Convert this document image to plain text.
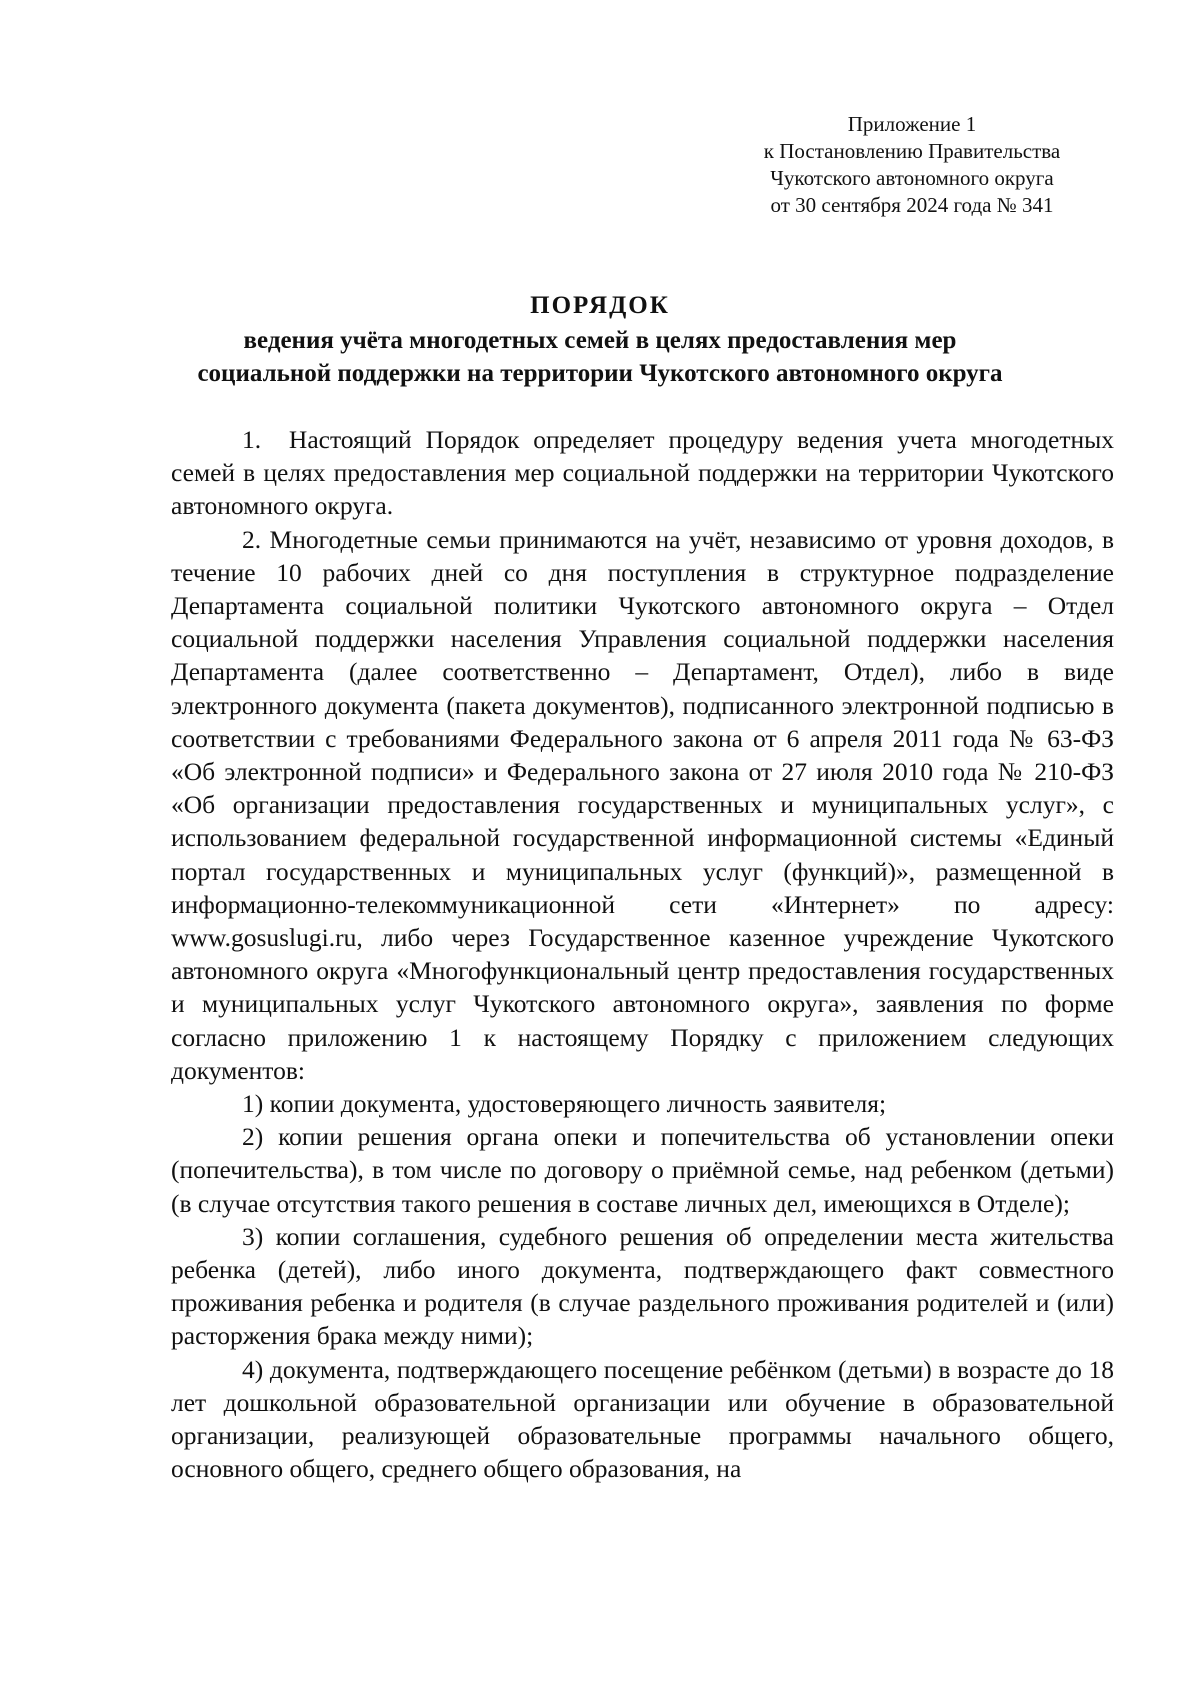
Приложение 1
к Постановлению Правительства
Чукотского автономного округа
от 30 сентября 2024 года № 341
ПОРЯДОК
ведения учёта многодетных семей в целях предоставления мер
социальной поддержки на территории Чукотского автономного округа

1.  Настоящий Порядок определяет процедуру ведения учета многодетных семей в целях предоставления мер социальной поддержки на территории Чукотского автономного округа.

2. Многодетные семьи принимаются на учёт, независимо от уровня доходов, в течение 10 рабочих дней со дня поступления в структурное подразделение Департамента социальной политики Чукотского автономного округа – Отдел социальной поддержки населения Управления социальной поддержки населения Департамента (далее соответственно – Департамент, Отдел), либо в виде электронного документа (пакета документов), подписанного электронной подписью в соответствии с требованиями Федерального закона от 6 апреля 2011 года № 63-ФЗ «Об электронной подписи» и Федерального закона от 27 июля 2010 года № 210-ФЗ «Об организации предоставления государственных и муниципальных услуг», с использованием федеральной государственной информационной системы «Единый портал государственных и муниципальных услуг (функций)», размещенной в информационно-телекоммуникационной сети «Интернет» по адресу: www.gosuslugi.ru, либо через Государственное казенное учреждение Чукотского автономного округа «Многофункциональный центр предоставления государственных и муниципальных услуг Чукотского автономного округа», заявления по форме согласно приложению 1 к настоящему Порядку с приложением следующих документов:

1) копии документа, удостоверяющего личность заявителя;

2) копии решения органа опеки и попечительства об установлении опеки (попечительства), в том числе по договору о приёмной семье, над ребенком (детьми) (в случае отсутствия такого решения в составе личных дел, имеющихся в Отделе);

3) копии соглашения, судебного решения об определении места жительства ребенка (детей), либо иного документа, подтверждающего факт совместного проживания ребенка и родителя (в случае раздельного проживания родителей и (или) расторжения брака между ними);

4) документа, подтверждающего посещение ребёнком (детьми) в возрасте до 18 лет дошкольной образовательной организации или обучение в образовательной организации, реализующей образовательные программы начального общего, основного общего, среднего общего образования, на
